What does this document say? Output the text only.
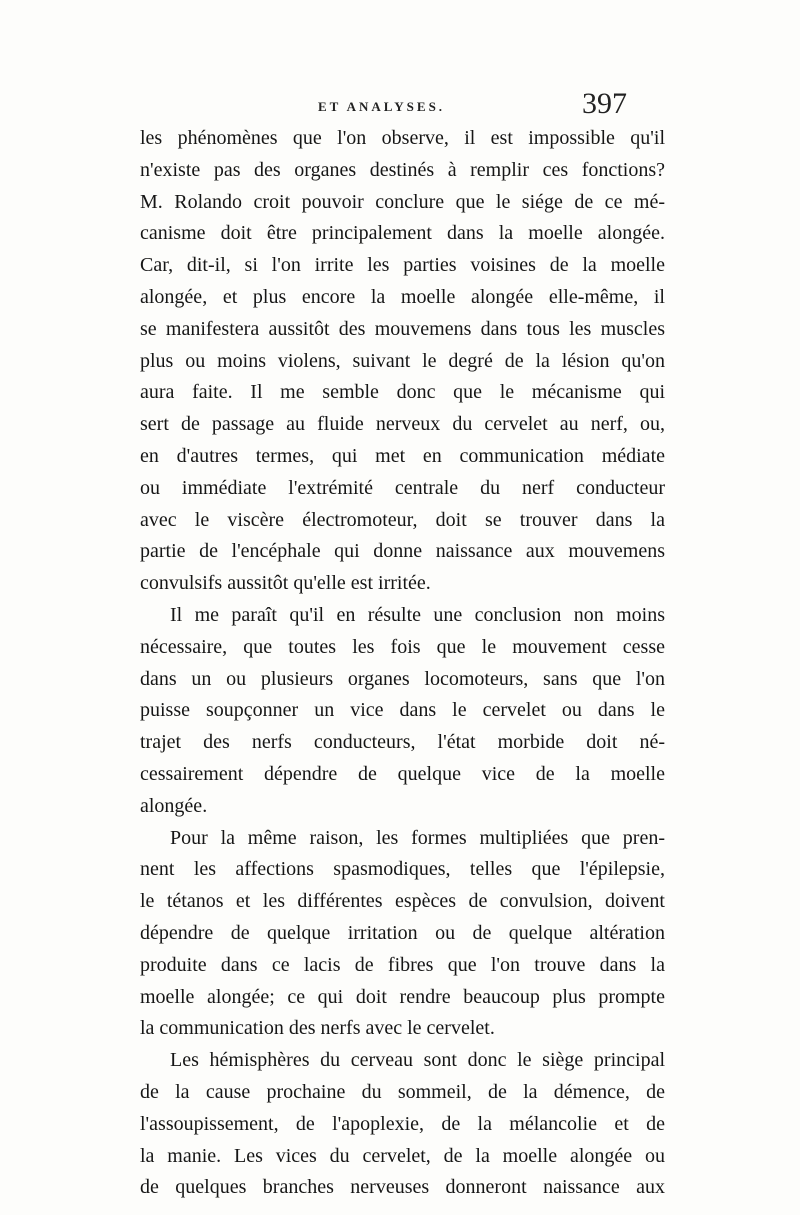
ET ANALYSES.	397
les phénomènes que l'on observe, il est impossible qu'il
n'existe pas des organes destinés à remplir ces fonctions?
M. Rolando croit pouvoir conclure que le siége de ce mé-
canisme doit être principalement dans la moelle alongée.
Car, dit-il, si l'on irrite les parties voisines de la moelle
alongée, et plus encore la moelle alongée elle-même, il
se manifestera aussitôt des mouvemens dans tous les muscles
plus ou moins violens, suivant le degré de la lésion qu'on
aura faite. Il me semble donc que le mécanisme qui
sert de passage au fluide nerveux du cervelet au nerf, ou,
en d'autres termes, qui met en communication médiate
ou immédiate l'extrémité centrale du nerf conducteur
avec le viscère électromoteur, doit se trouver dans la
partie de l'encéphale qui donne naissance aux mouvemens
convulsifs aussitôt qu'elle est irritée.
Il me paraît qu'il en résulte une conclusion non moins
nécessaire, que toutes les fois que le mouvement cesse
dans un ou plusieurs organes locomoteurs, sans que l'on
puisse soupçonner un vice dans le cervelet ou dans le
trajet des nerfs conducteurs, l'état morbide doit né-
cessairement dépendre de quelque vice de la moelle
alongée.
Pour la même raison, les formes multipliées que pren-
nent les affections spasmodiques, telles que l'épilepsie,
le tétanos et les différentes espèces de convulsion, doivent
dépendre de quelque irritation ou de quelque altération
produite dans ce lacis de fibres que l'on trouve dans la
moelle alongée; ce qui doit rendre beaucoup plus prompte
la communication des nerfs avec le cervelet.
Les hémisphères du cerveau sont donc le siège principal
de la cause prochaine du sommeil, de la démence, de
l'assoupissement, de l'apoplexie, de la mélancolie et de
la manie. Les vices du cervelet, de la moelle alongée ou
de quelques branches nerveuses donneront naissance aux
